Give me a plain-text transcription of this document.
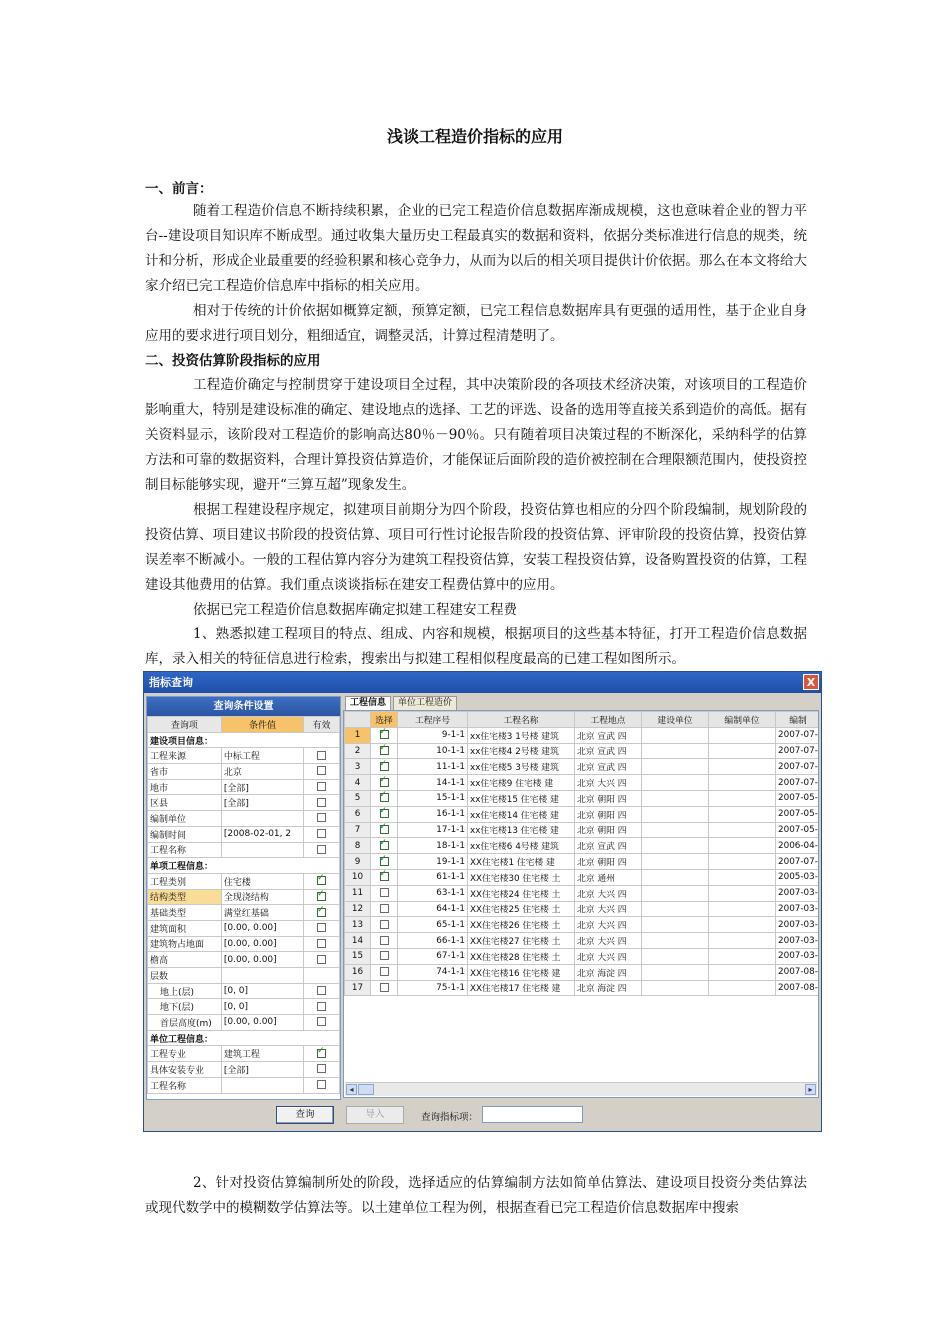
浅谈工程造价指标的应用
一、前言：

随着工程造价信息不断持续积累，企业的已完工程造价信息数据库渐成规模，这也意味着企业的智力平台--建设项目知识库不断成型。通过收集大量历史工程最真实的数据和资料，依据分类标准进行信息的规类，统计和分析，形成企业最重要的经验积累和核心竞争力，从而为以后的相关项目提供计价依据。那么在本文将给大家介绍已完工程造价信息库中指标的相关应用。

相对于传统的计价依据如概算定额，预算定额，已完工程信息数据库具有更强的适用性，基于企业自身应用的要求进行项目划分，粗细适宜，调整灵活，计算过程清楚明了。

二、投资估算阶段指标的应用

工程造价确定与控制贯穿于建设项目全过程，其中决策阶段的各项技术经济决策，对该项目的工程造价影响重大，特别是建设标准的确定、建设地点的选择、工艺的评选、设备的选用等直接关系到造价的高低。据有关资料显示，该阶段对工程造价的影响高达80％－90％。只有随着项目决策过程的不断深化，采纳科学的估算方法和可靠的数据资料，合理计算投资估算造价，才能保证后面阶段的造价被控制在合理限额范围内，使投资控制目标能够实现，避开“三算互超”现象发生。

根据工程建设程序规定，拟建项目前期分为四个阶段，投资估算也相应的分四个阶段编制，规划阶段的投资估算、项目建议书阶段的投资估算、项目可行性讨论报告阶段的投资估算、评审阶段的投资估算，投资估算误差率不断减小。一般的工程估算内容分为建筑工程投资估算，安装工程投资估算，设备购置投资的估算，工程建设其他费用的估算。我们重点谈谈指标在建安工程费估算中的应用。

依据已完工程造价信息数据库确定拟建工程建安工程费

1、熟悉拟建工程项目的特点、组成、内容和规模，根据项目的这些基本特征，打开工程造价信息数据库，录入相关的特征信息进行检索，搜索出与拟建工程相似程度最高的已建工程如图所示。

指标查询	X
查询条件设置
查询项	条件值	有效
建设项目信息：		
工程来源	中标工程	
省市	北京	
地市	[全部]	
区县	[全部]	
编制单位		
编制时间	[2008-02-01, 2	
工程名称		
单项工程信息：		
工程类别	住宅楼	✓
结构类型	全现浇结构	✓
基础类型	满堂红基础	✓
建筑面积	[0.00, 0.00]	
建筑物占地面	[0.00, 0.00]	
檐高	[0.00, 0.00]	
层数		
地上(层)	[0, 0]	
地下(层)	[0, 0]	
首层高度(m)	[0.00, 0.00]	
单位工程信息：		
工程专业	建筑工程	✓
具体安装专业	[全部]	
工程名称		
查询
工程信息	单位工程造价
	选择	工程序号	工程名称	工程地点	建设单位	编制单位	编制
1	✓	9-1-1	xx住宅楼3 1号楼 建筑	北京 宣武 四			2007-07-
2	✓	10-1-1	xx住宅楼4 2号楼 建筑	北京 宣武 四			2007-07-
3	✓	11-1-1	xx住宅楼5 3号楼 建筑	北京 宣武 四			2007-07-
4	✓	14-1-1	xx住宅楼9 住宅楼 建	北京 大兴 四			2007-07-
5	✓	15-1-1	xx住宅楼15 住宅楼 建	北京 朝阳 四			2007-05-
6	✓	16-1-1	xx住宅楼14 住宅楼 建	北京 朝阳 四			2007-05-
7	✓	17-1-1	xx住宅楼13 住宅楼 建	北京 朝阳 四			2007-05-
8	✓	18-1-1	xx住宅楼6 4号楼 建筑	北京 宣武 四			2006-04-
9	✓	19-1-1	XX住宅楼1 住宅楼 建	北京 朝阳 四			2007-07-
10	✓	61-1-1	XX住宅楼30 住宅楼 土	北京 通州			2005-03-
11		63-1-1	XX住宅楼24 住宅楼 土	北京 大兴 四			2007-03-
12		64-1-1	XX住宅楼25 住宅楼 土	北京 大兴 四			2007-03-
13		65-1-1	XX住宅楼26 住宅楼 土	北京 大兴 四			2007-03-
14		66-1-1	XX住宅楼27 住宅楼 土	北京 大兴 四			2007-03-
15		67-1-1	XX住宅楼28 住宅楼 土	北京 大兴 四			2007-03-
16		74-1-1	XX住宅楼16 住宅楼 建	北京 海淀 四			2007-08-
17		75-1-1	XX住宅楼17 住宅楼 建	北京 海淀 四			2007-08-
◂	▸
导入	查询指标项：

2、针对投资估算编制所处的阶段，选择适应的估算编制方法如简单估算法、建设项目投资分类估算法或现代数学中的模糊数学估算法等。以土建单位工程为例，根据查看已完工程造价信息数据库中搜索
